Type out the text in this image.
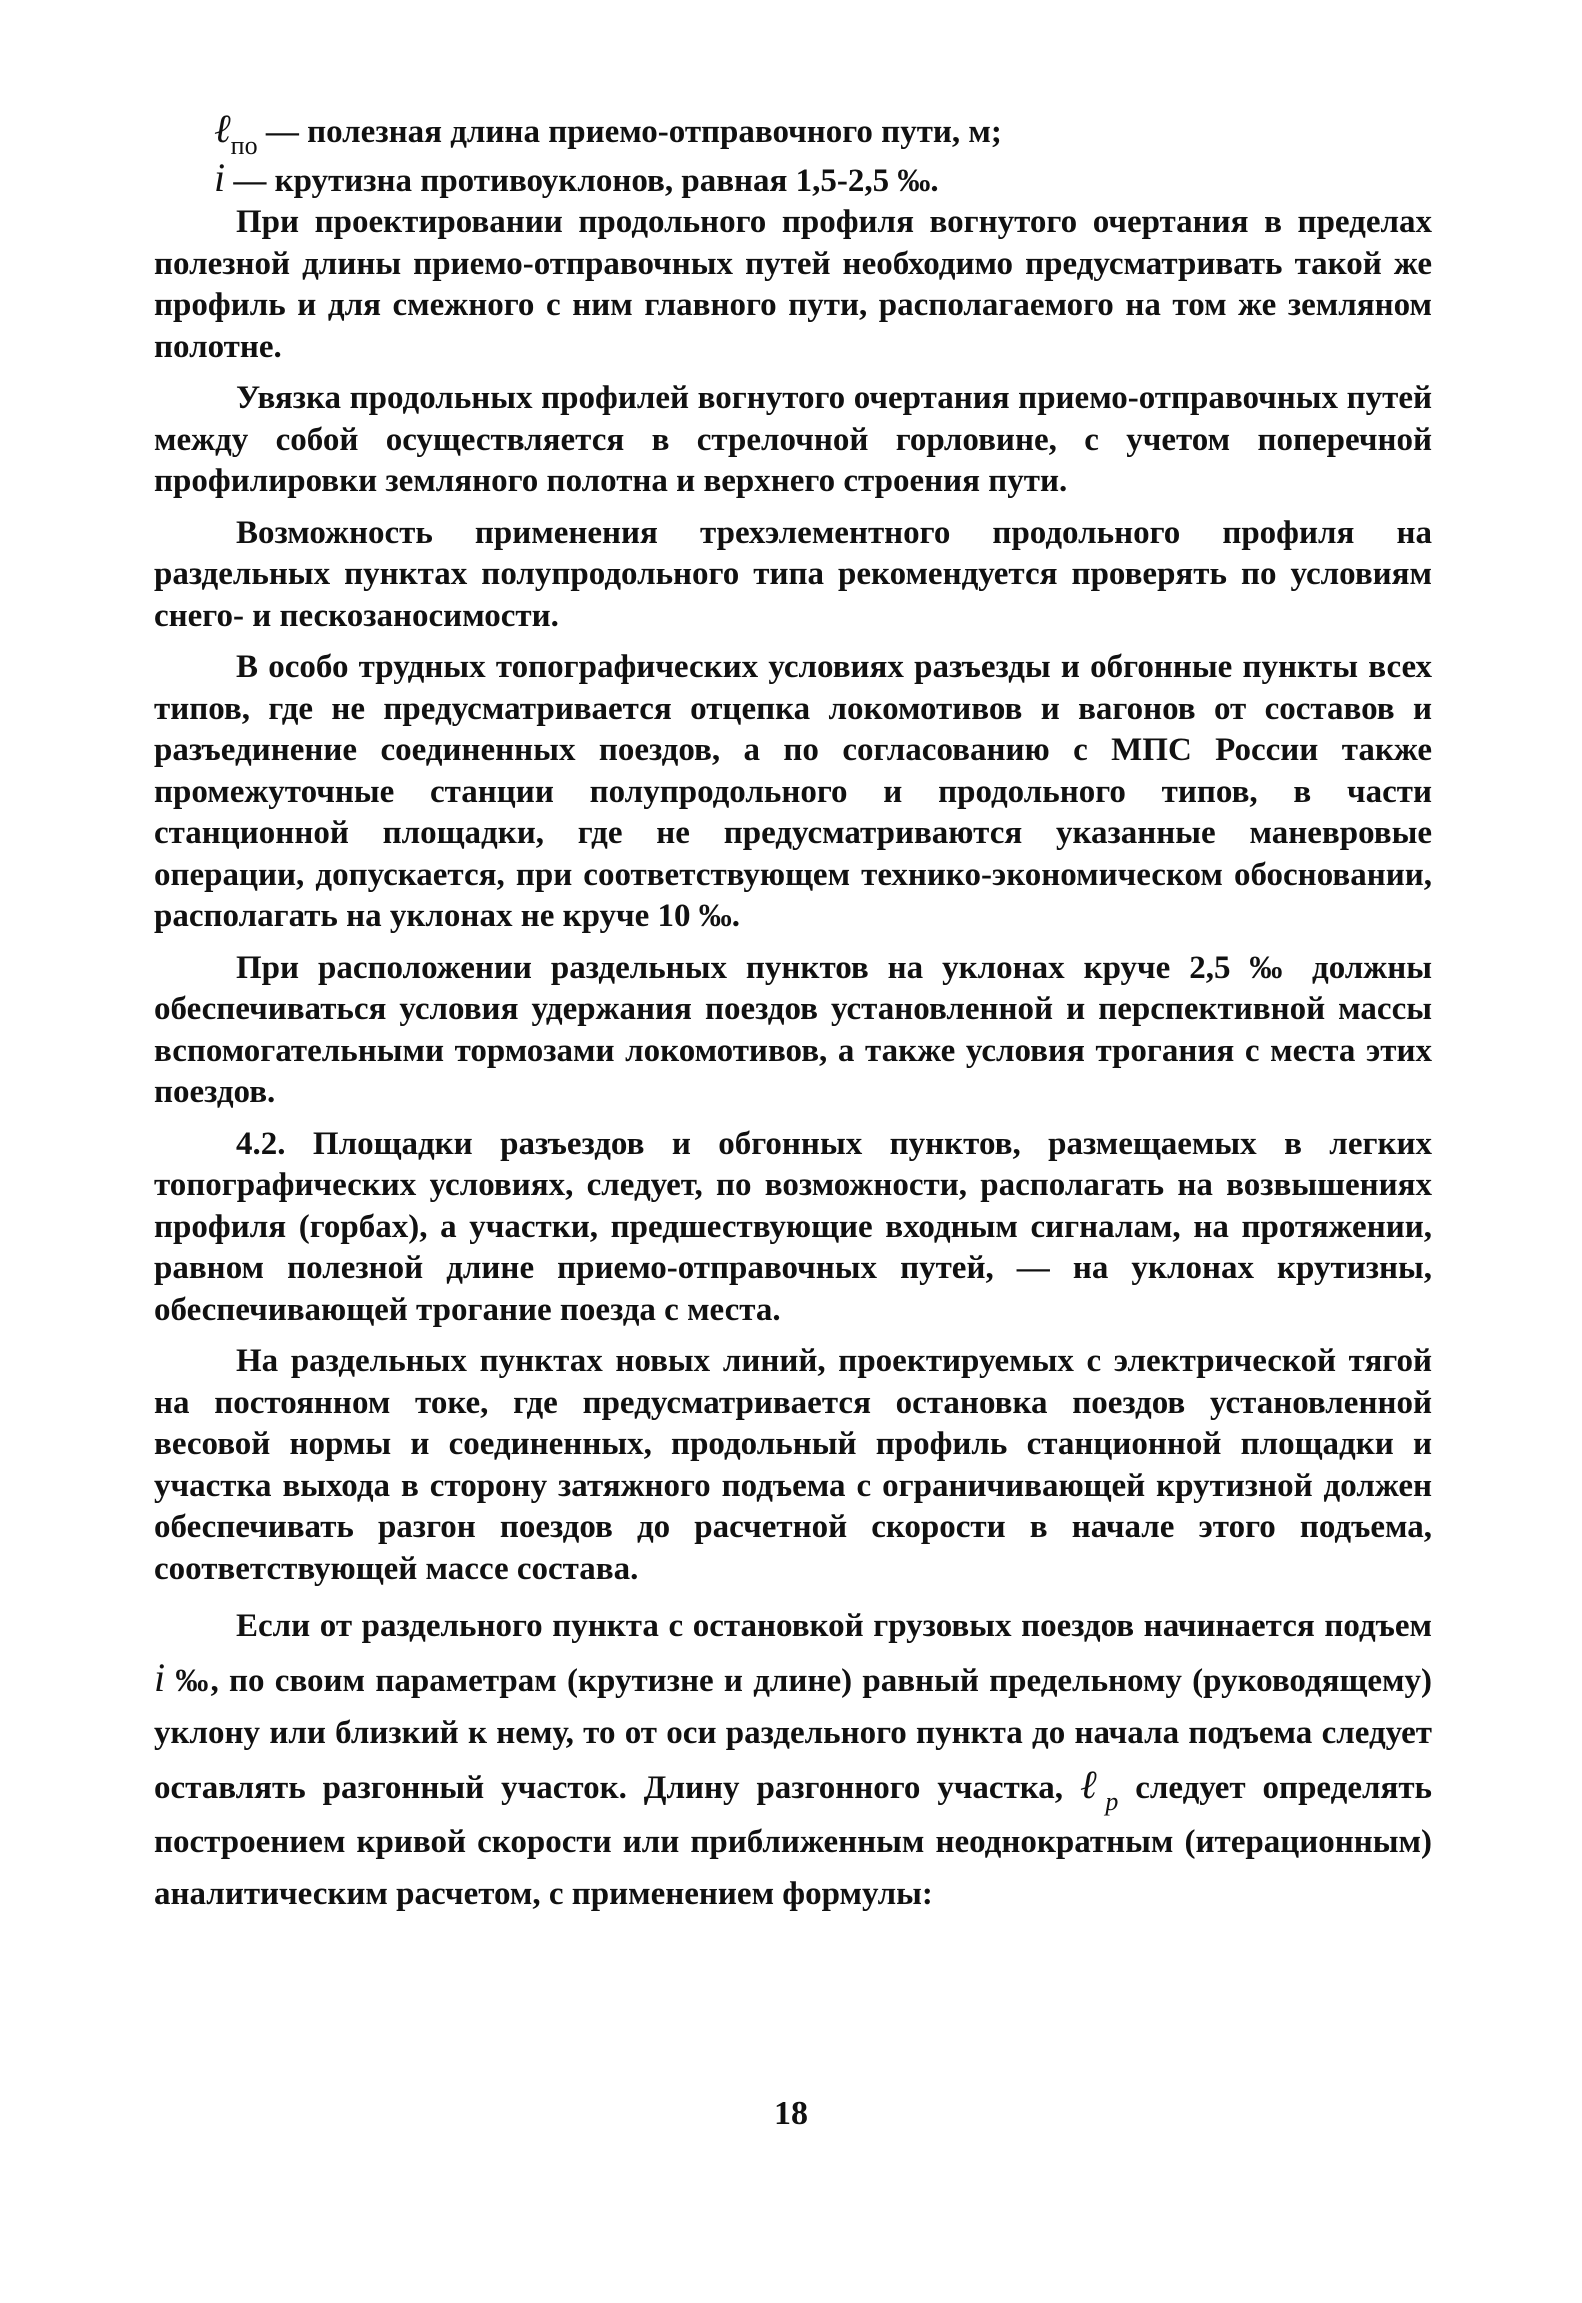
ℓ$_{по}$ — полезная длина приемо-отправочного пути, м;
i — крутизна противоуклонов, равная 1,5-2,5 ‰.

При проектировании продольного профиля вогнутого очертания в пределах полезной длины приемо-отправочных путей необходимо предусматривать такой же профиль и для смежного с ним главного пути, располагаемого на том же земляном полотне.

Увязка продольных профилей вогнутого очертания приемо-отправочных путей между собой осуществляется в стрелочной горловине, с учетом поперечной профилировки земляного полотна и верхнего строения пути.

Возможность применения трехэлементного продольного профиля на раздельных пунктах полупродольного типа рекомендуется проверять по условиям снего- и пескозаносимости.

В особо трудных топографических условиях разъезды и обгонные пункты всех типов, где не предусматривается отцепка локомотивов и вагонов от составов и разъединение соединенных поездов, а по согласованию с МПС России также промежуточные станции полупродольного и продольного типов, в части станционной площадки, где не предусматриваются указанные маневровые операции, допускается, при соответствующем технико-экономическом обосновании, располагать на уклонах не круче 10 ‰.

При расположении раздельных пунктов на уклонах круче 2,5 ‰ должны обеспечиваться условия удержания поездов установленной и перспективной массы вспомогательными тормозами локомотивов, а также условия трогания с места этих поездов.

4.2. Площадки разъездов и обгонных пунктов, размещаемых в легких топографических условиях, следует, по возможности, располагать на возвышениях профиля (горбах), а участки, предшествующие входным сигналам, на протяжении, равном полезной длине приемо-отправочных путей, — на уклонах крутизны, обеспечивающей трогание поезда с места.

На раздельных пунктах новых линий, проектируемых с электрической тягой на постоянном токе, где предусматривается остановка поездов установленной весовой нормы и соединенных, продольный профиль станционной площадки и участка выхода в сторону затяжного подъема с ограничивающей крутизной должен обеспечивать разгон поездов до расчетной скорости в начале этого подъема, соответствующей массе состава.

Если от раздельного пункта с остановкой грузовых поездов начинается подъем i ‰, по своим параметрам (крутизне и длине) равный предельному (руководящему) уклону или близкий к нему, то от оси раздельного пункта до начала подъема следует оставлять разгонный участок. Длину разгонного участка, ℓ$_р$ следует определять построением кривой скорости или приближенным неоднократным (итерационным) аналитическим расчетом, с применением формулы:

18
